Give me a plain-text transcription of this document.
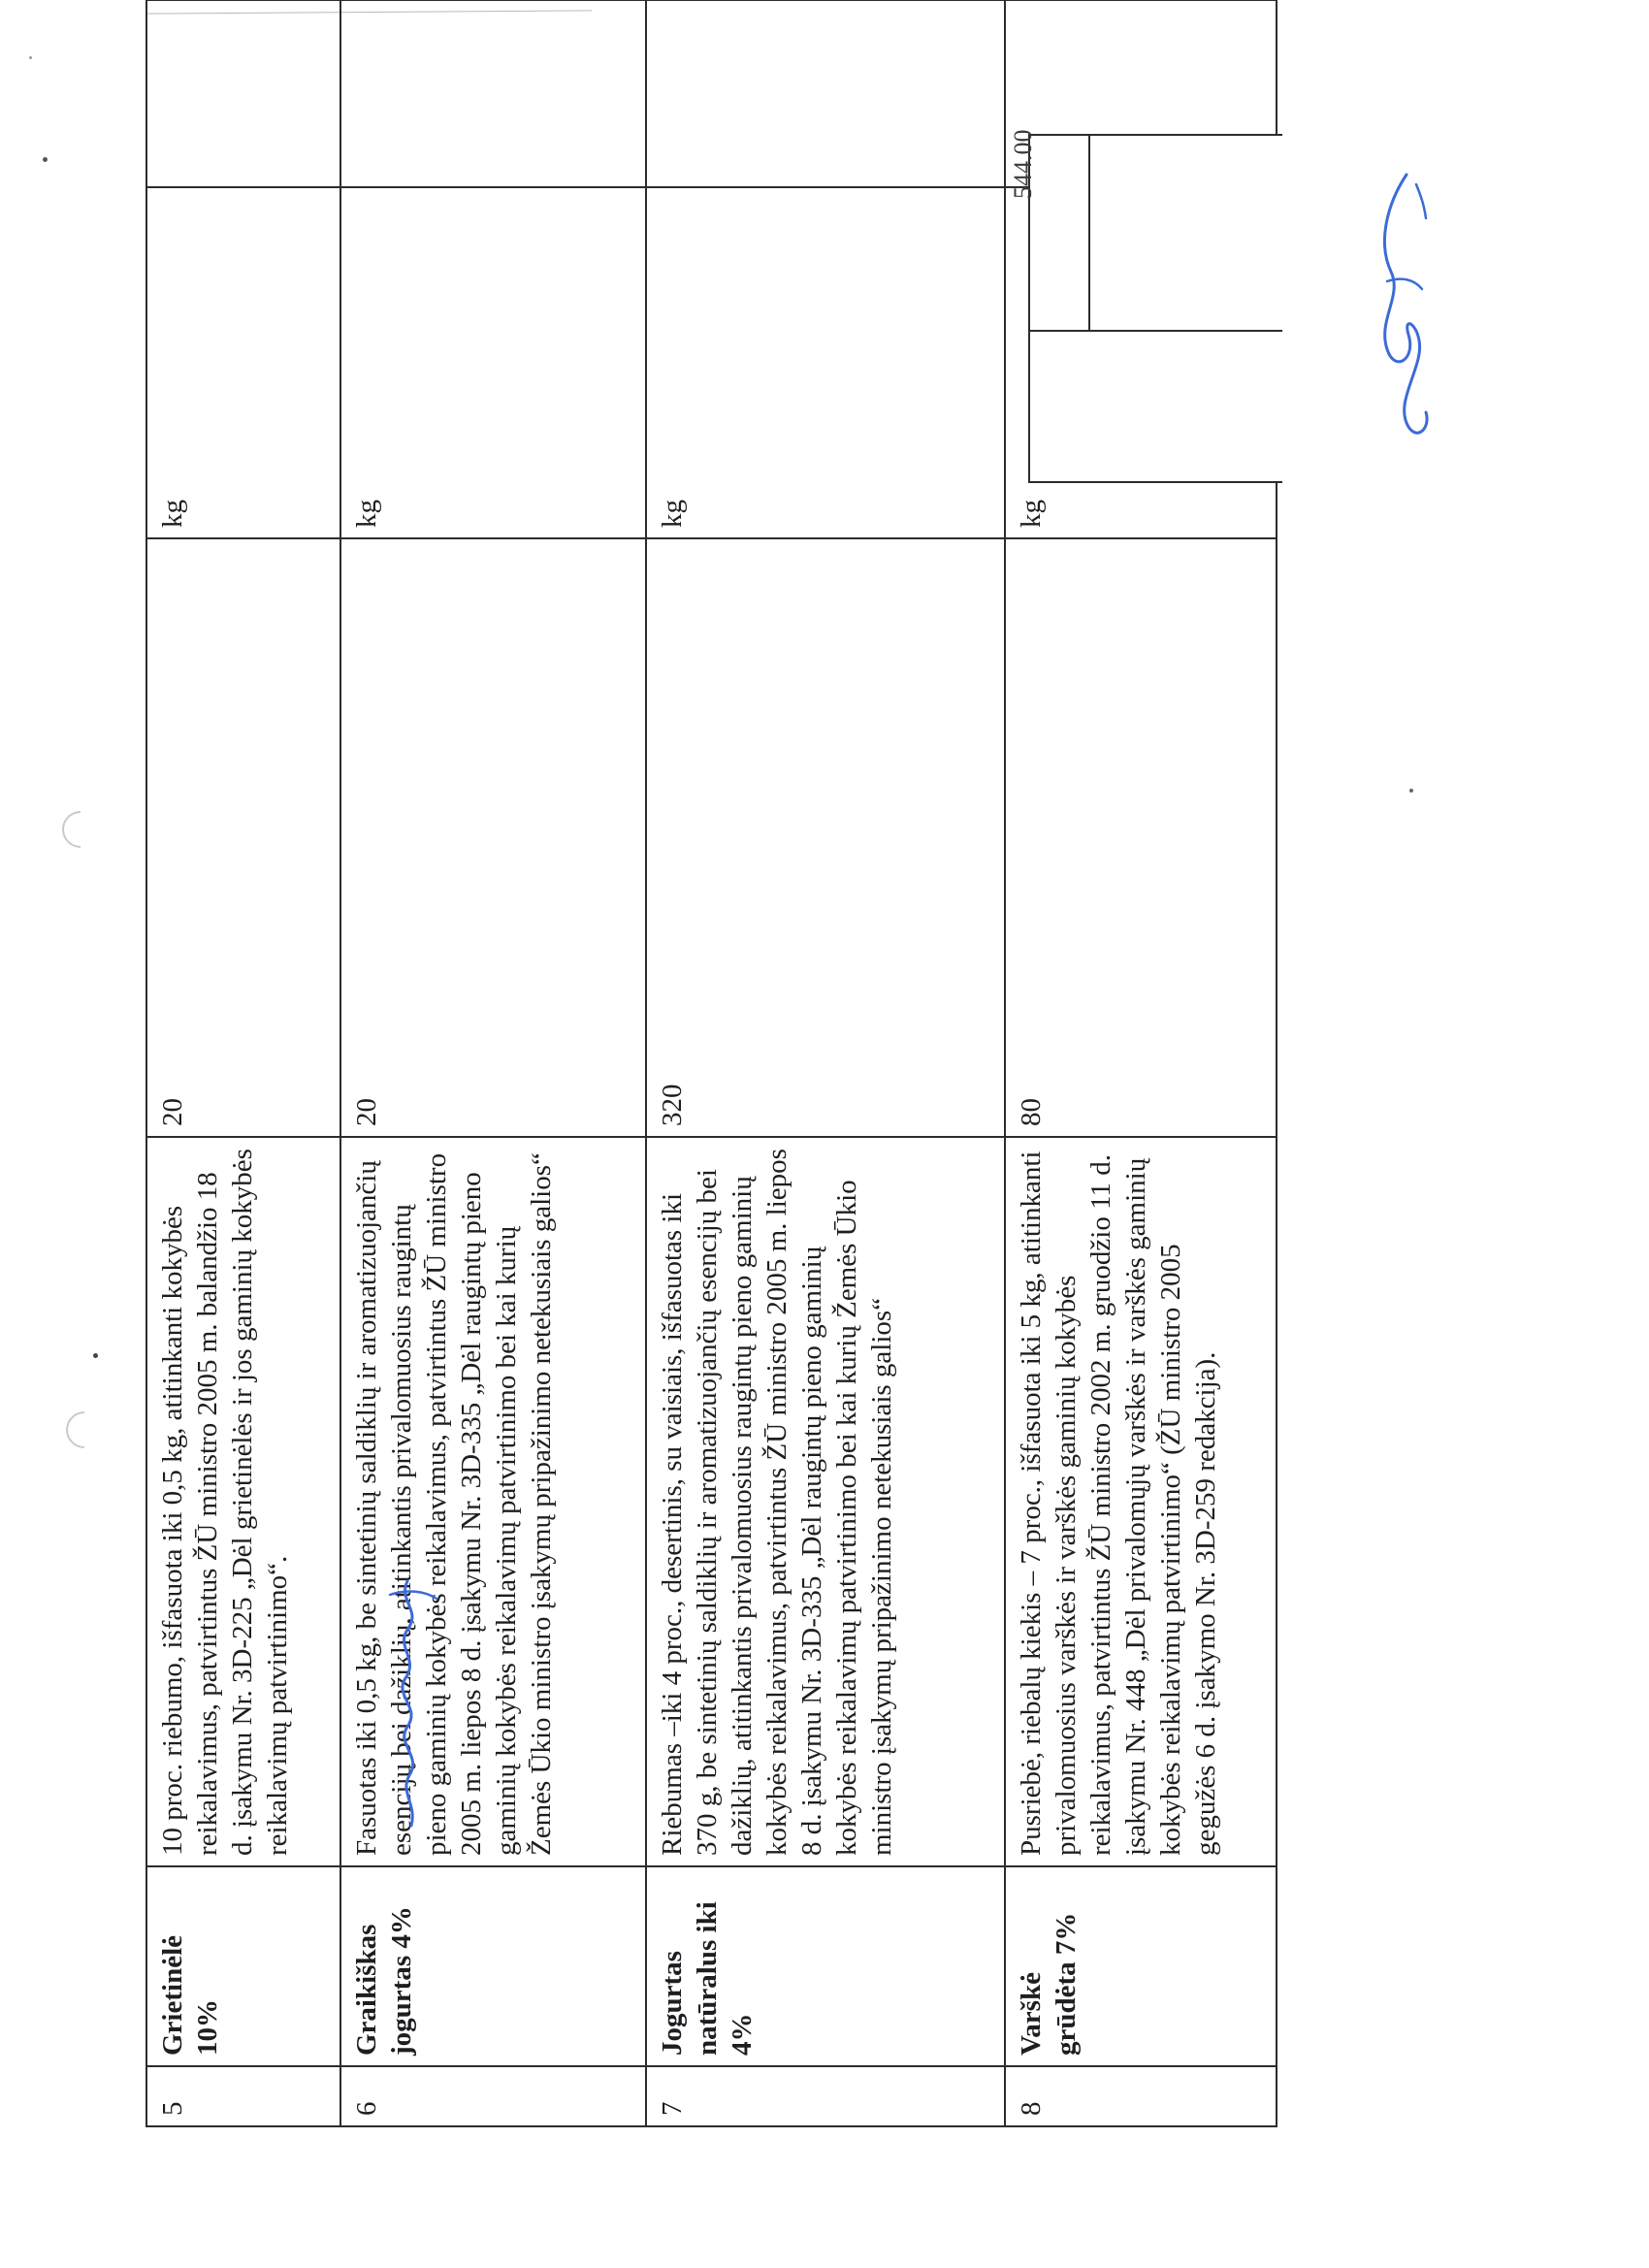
5	Grietinėlė 10%	10 proc. riebumo, išfasuota iki 0,5 kg, atitinkanti kokybės reikalavimus, patvirtintus ŽŪ ministro 2005 m. balandžio 18 d. įsakymu Nr. 3D-225 „Dėl grietinėlės ir jos gaminių kokybės reikalavimų patvirtinimo“.	20	kg	
6	Graikiškas jogurtas 4%	Fasuotas iki 0,5 kg, be sintetinių saldiklių ir aromatizuojančių esencijų bei dažiklių, atitinkantis privalomuosius raugintų pieno gaminių kokybės reikalavimus, patvirtintus ŽŪ ministro 2005 m. liepos 8 d. įsakymu Nr. 3D-335 „Dėl raugintų pieno gaminių kokybės reikalavimų patvirtinimo bei kai kurių Žemės Ūkio ministro įsakymų pripažinimo netekusiais galios“	20	kg	
7	Jogurtas natūralus iki 4%	Riebumas –iki 4 proc., desertinis, su vaisiais, išfasuotas iki 370 g, be sintetinių saldiklių ir aromatizuojančių esencijų bei dažiklių, atitinkantis privalomuosius raugintų pieno gaminių kokybės reikalavimus, patvirtintus ŽŪ ministro 2005 m. liepos 8 d. įsakymu Nr. 3D-335 „Dėl raugintų pieno gaminių kokybės reikalavimų patvirtinimo bei kai kurių Žemės Ūkio ministro įsakymų pripažinimo netekusiais galios“	320	kg	
8	Varškė grūdėta 7%	Pusriebė, riebalų kiekis – 7 proc., išfasuota iki 5 kg, atitinkanti privalomuosius varškės ir varškės gaminių kokybės reikalavimus, patvirtintus ŽŪ ministro 2002 m. gruodžio 11 d. įsakymu Nr. 448 „Dėl privalomųjų varškės ir varškės gaminių kokybės reikalavimų patvirtinimo“ (ŽŪ ministro 2005 gegužės 6 d. įsakymo Nr. 3D-259 redakcija).	80	kg	
544.00
